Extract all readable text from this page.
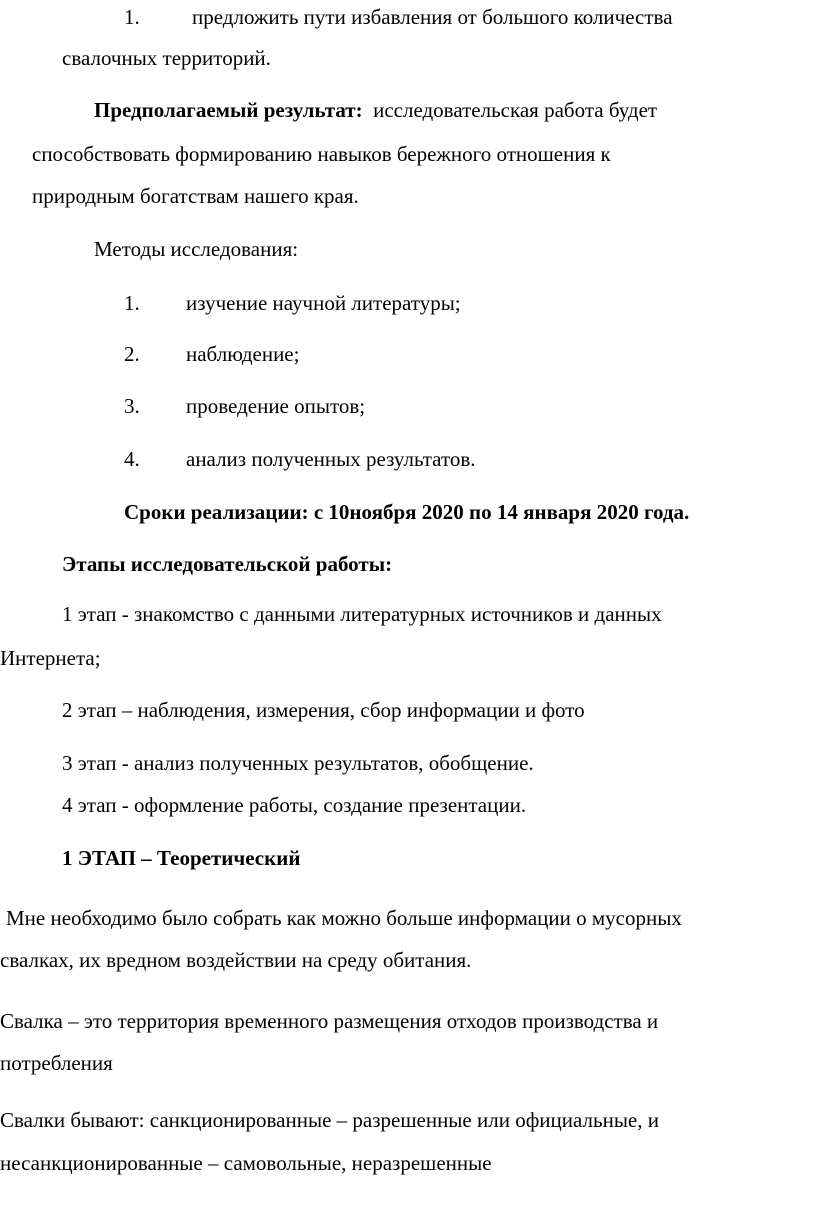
1. предложить пути избавления от большого количества
свалочных территорий.
Предполагаемый результат: исследовательская работа будет
способствовать формированию навыков бережного отношения к
природным богатствам нашего края.
Методы исследования:
1. изучение научной литературы;
2. наблюдение;
3. проведение опытов;
4. анализ полученных результатов.
Сроки реализации: с 10ноября 2020 по 14 января 2020 года.
Этапы исследовательской работы:
1 этап - знакомство с данными литературных источников и данных
Интернета;
2 этап – наблюдения, измерения, сбор информации и фото
3 этап - анализ полученных результатов, обобщение.
4 этап - оформление работы, создание презентации.
1 ЭТАП – Теоретический
Мне необходимо было собрать как можно больше информации о мусорных
свалках, их вредном воздействии на среду обитания.
Свалка – это территория временного размещения отходов производства и
потребления
Свалки бывают: санкционированные – разрешенные или официальные, и
несанкционированные – самовольные, неразрешенные
